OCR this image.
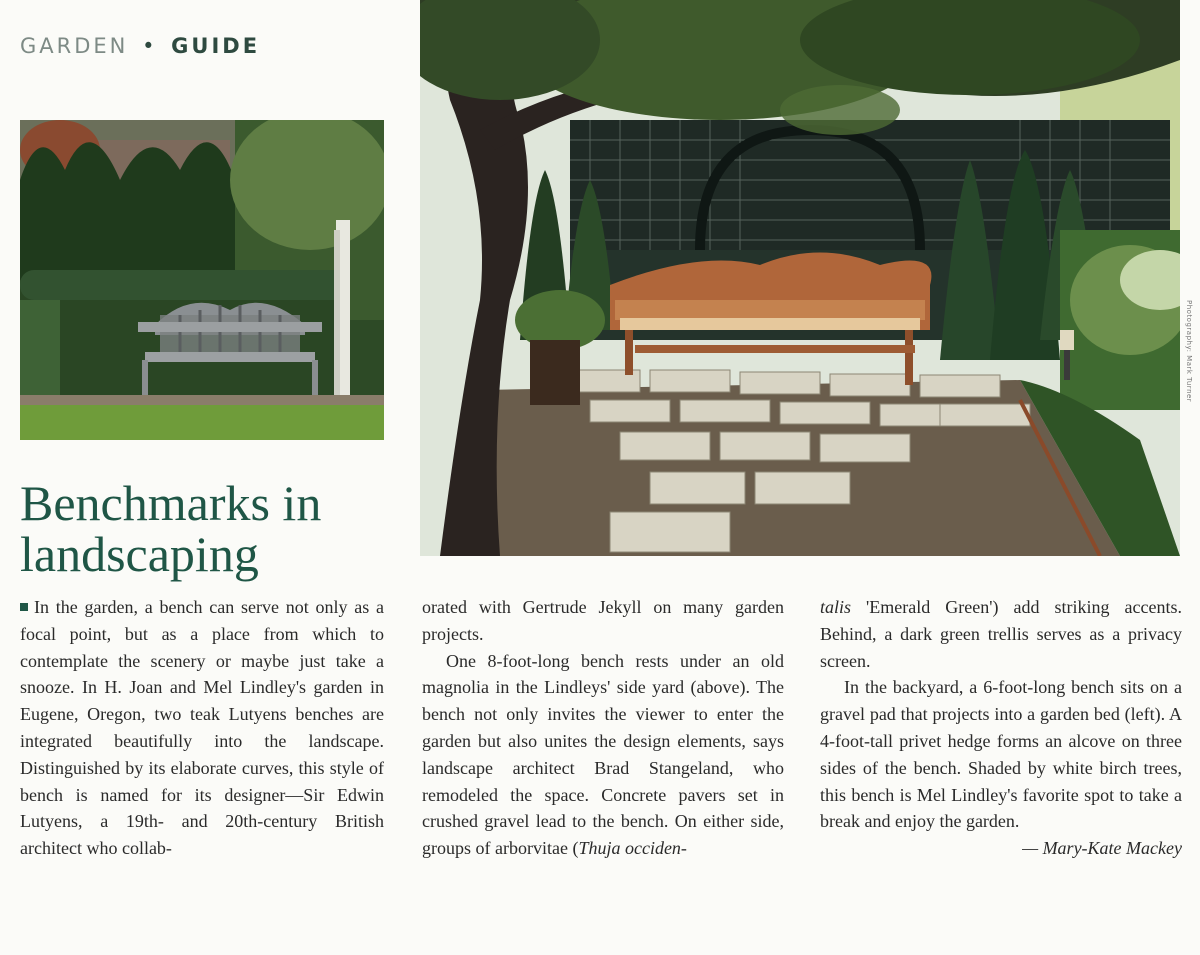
GARDEN • GUIDE
Photography: Mark Turner
Benchmarks in landscaping

In the garden, a bench can serve not only as a focal point, but as a place from which to contemplate the scenery or maybe just take a snooze. In H. Joan and Mel Lindley's garden in Eugene, Oregon, two teak Lutyens benches are integrated beautifully into the landscape. Distinguished by its elaborate curves, this style of bench is named for its designer—Sir Edwin Lutyens, a 19th- and 20th-century British architect who collab-

orated with Gertrude Jekyll on many garden projects.

One 8-foot-long bench rests under an old magnolia in the Lindleys' side yard (above). The bench not only invites the viewer to enter the garden but also unites the design elements, says landscape architect Brad Stangeland, who remodeled the space. Concrete pavers set in crushed gravel lead to the bench. On either side, groups of arborvitae (Thuja occiden-

talis 'Emerald Green') add striking accents. Behind, a dark green trellis serves as a privacy screen.

In the backyard, a 6-foot-long bench sits on a gravel pad that projects into a garden bed (left). A 4-foot-tall privet hedge forms an alcove on three sides of the bench. Shaded by white birch trees, this bench is Mel Lindley's favorite spot to take a break and enjoy the garden.

— Mary-Kate Mackey
